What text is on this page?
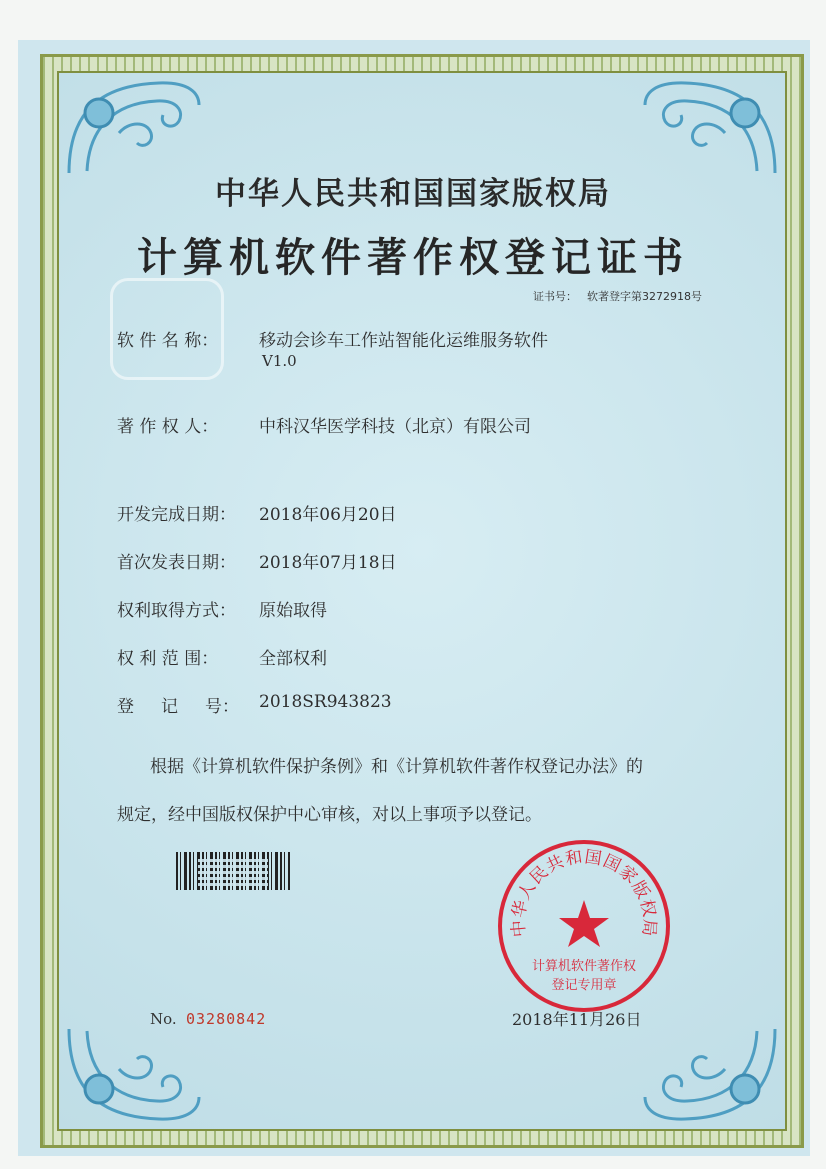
中华人民共和国国家版权局
计算机软件著作权登记证书
证书号： 软著登字第3272918号
软 件 名 称：	移动会诊车工作站智能化运维服务软件
V1.0
著 作 权 人：	中科汉华医学科技（北京）有限公司
开发完成日期：	2018年06月20日
首次发表日期：	2018年07月18日
权利取得方式：	原始取得
权 利 范 围：	全部权利
登     记     号：	2018SR943823
根据《计算机软件保护条例》和《计算机软件著作权登记办法》的
规定，经中国版权保护中心审核，对以上事项予以登记。
No. 03280842
中华人民共和国国家版权局
计算机软件著作权
登记专用章
2018年11月26日
